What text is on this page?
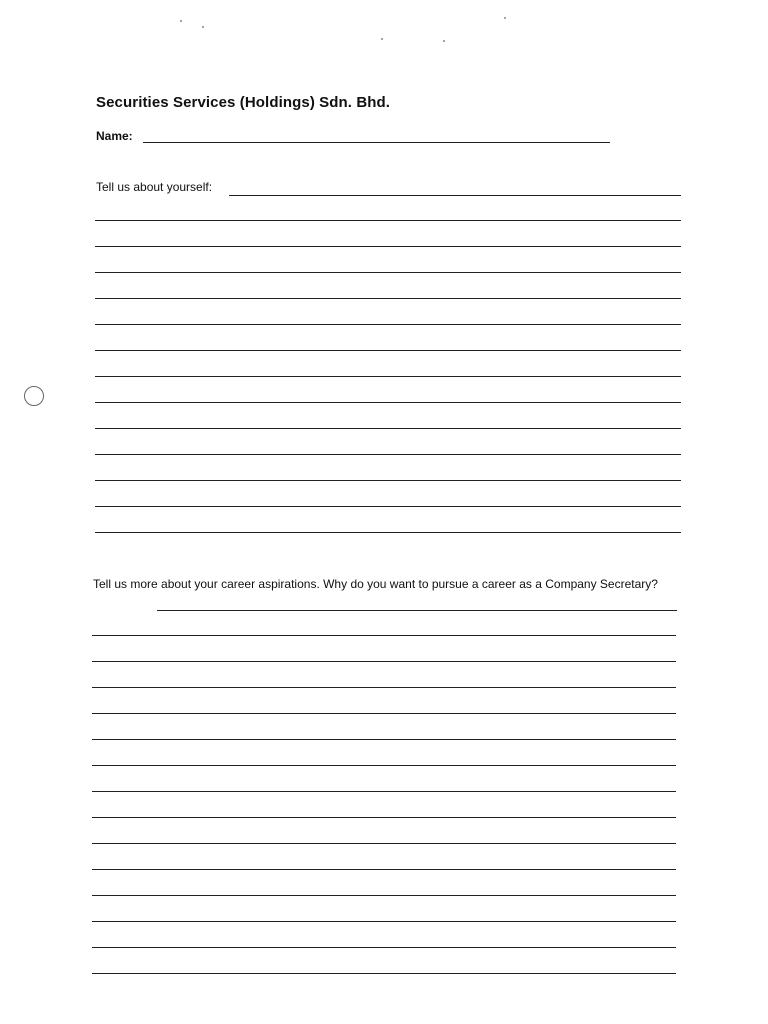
Securities Services (Holdings) Sdn. Bhd.
Name:
Tell us about yourself:
Tell us more about your career aspirations. Why do you want to pursue a career as a Company Secretary?
